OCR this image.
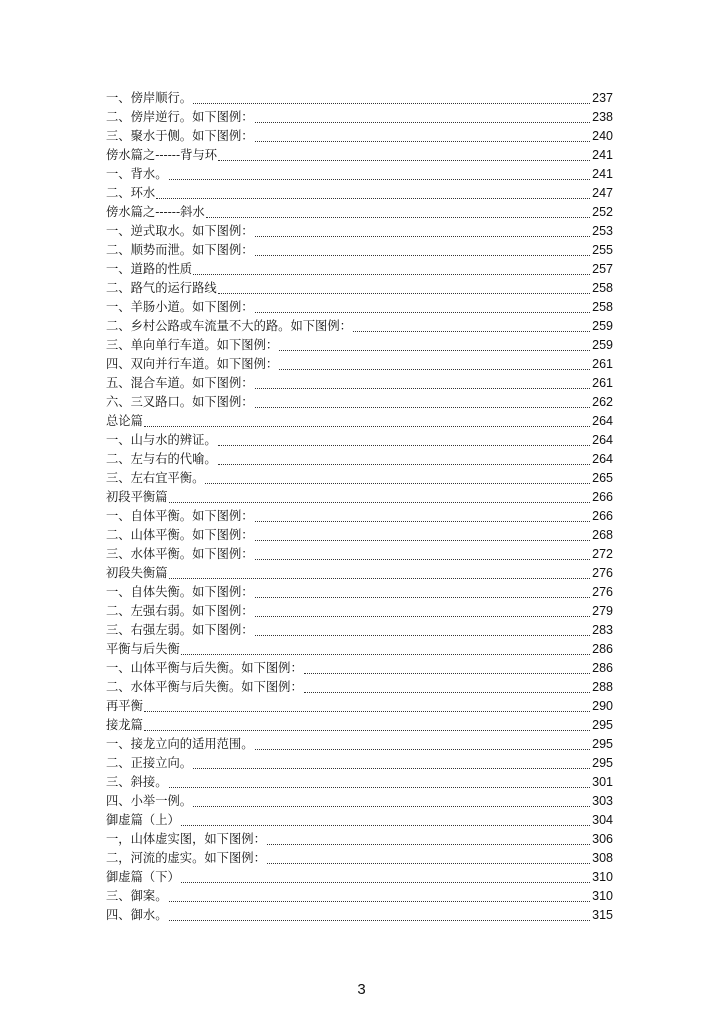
一、傍岸顺行。	237
二、傍岸逆行。如下图例：	238
三、聚水于侧。如下图例：	240
傍水篇之------背与环	241
一、背水。	241
二、环水	247
傍水篇之------斜水	252
一、逆式取水。如下图例：	253
二、顺势而泄。如下图例：	255
一、道路的性质	257
二、路气的运行路线	258
一、羊肠小道。如下图例：	258
二、乡村公路或车流量不大的路。如下图例：	259
三、单向单行车道。如下图例：	259
四、双向并行车道。如下图例：	261
五、混合车道。如下图例：	261
六、三叉路口。如下图例：	262
总论篇	264
一、山与水的辨证。	264
二、左与右的代喻。	264
三、左右宜平衡。	265
初段平衡篇	266
一、自体平衡。如下图例：	266
二、山体平衡。如下图例：	268
三、水体平衡。如下图例：	272
初段失衡篇	276
一、自体失衡。如下图例：	276
二、左强右弱。如下图例：	279
三、右强左弱。如下图例：	283
平衡与后失衡	286
一、山体平衡与后失衡。如下图例：	286
二、水体平衡与后失衡。如下图例：	288
再平衡	290
接龙篇	295
一、接龙立向的适用范围。	295
二、正接立向。	295
三、斜接。	301
四、小举一例。	303
御虚篇（上）	304
一，山体虚实图，如下图例：	306
二，河流的虚实。如下图例：	308
御虚篇（下）	310
三、御案。	310
四、御水。	315
3
